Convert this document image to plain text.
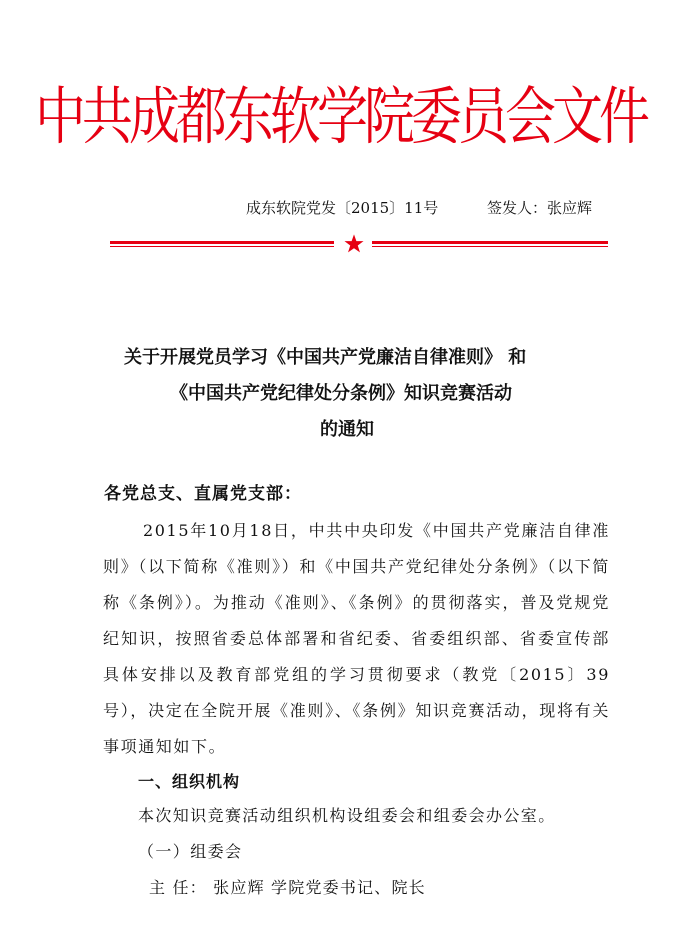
中共成都东软学院委员会文件
成东软院党发〔2015〕11号	签发人：张应辉
关于开展党员学习《中国共产党廉洁自律准则》 和
《中国共产党纪律处分条例》知识竞赛活动
的通知
各党总支、直属党支部：
2015年10月18日，中共中央印发《中国共产党廉洁自律准则》（以下简称《准则》）和《中国共产党纪律处分条例》（以下简称《条例》）。为推动《准则》、《条例》的贯彻落实，普及党规党纪知识，按照省委总体部署和省纪委、省委组织部、省委宣传部具体安排以及教育部党组的学习贯彻要求（教党〔2015〕39号），决定在全院开展《准则》、《条例》知识竞赛活动，现将有关事项通知如下。
一、组织机构
本次知识竞赛活动组织机构设组委会和组委会办公室。
（一）组委会
主 任： 张应辉 学院党委书记、院长
